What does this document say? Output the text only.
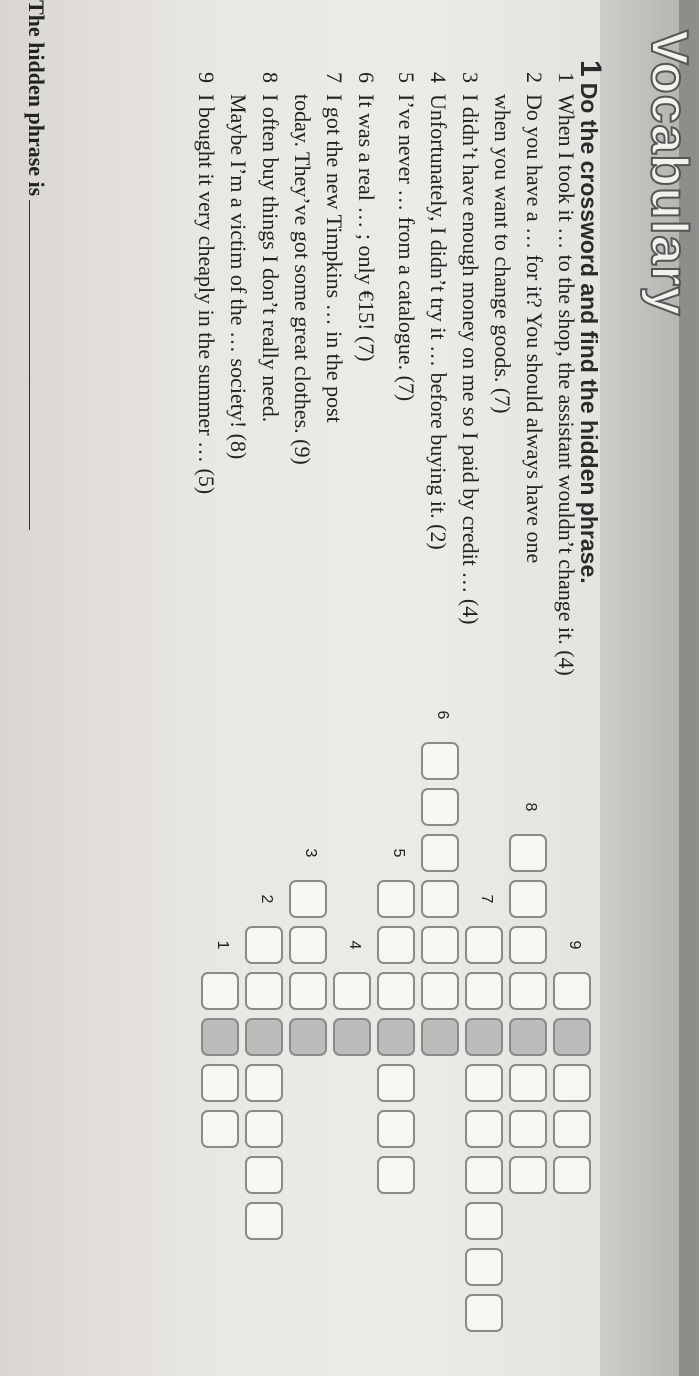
Vocabulary
1Do the crossword and find the hidden phrase.
1When I took it … to the shop, the assistant wouldn’t change it. (4)
2Do you have a … for it? You should always have one
when you want to change goods. (7)
3I didn’t have enough money on me so I paid by credit … (4)
4Unfortunately, I didn’t try it … before buying it. (2)
5I’ve never … from a catalogue. (7)
6It was a real … ; only €15! (7)
7I got the new Timpkins … in the post
today. They’ve got some great clothes. (9)
8I often buy things I don’t really need.
Maybe I’m a victim of the … society! (8)
9I bought it very cheaply in the summer … (5)
The hidden phrase is
1
2
3
4
5
6
7
8
9
